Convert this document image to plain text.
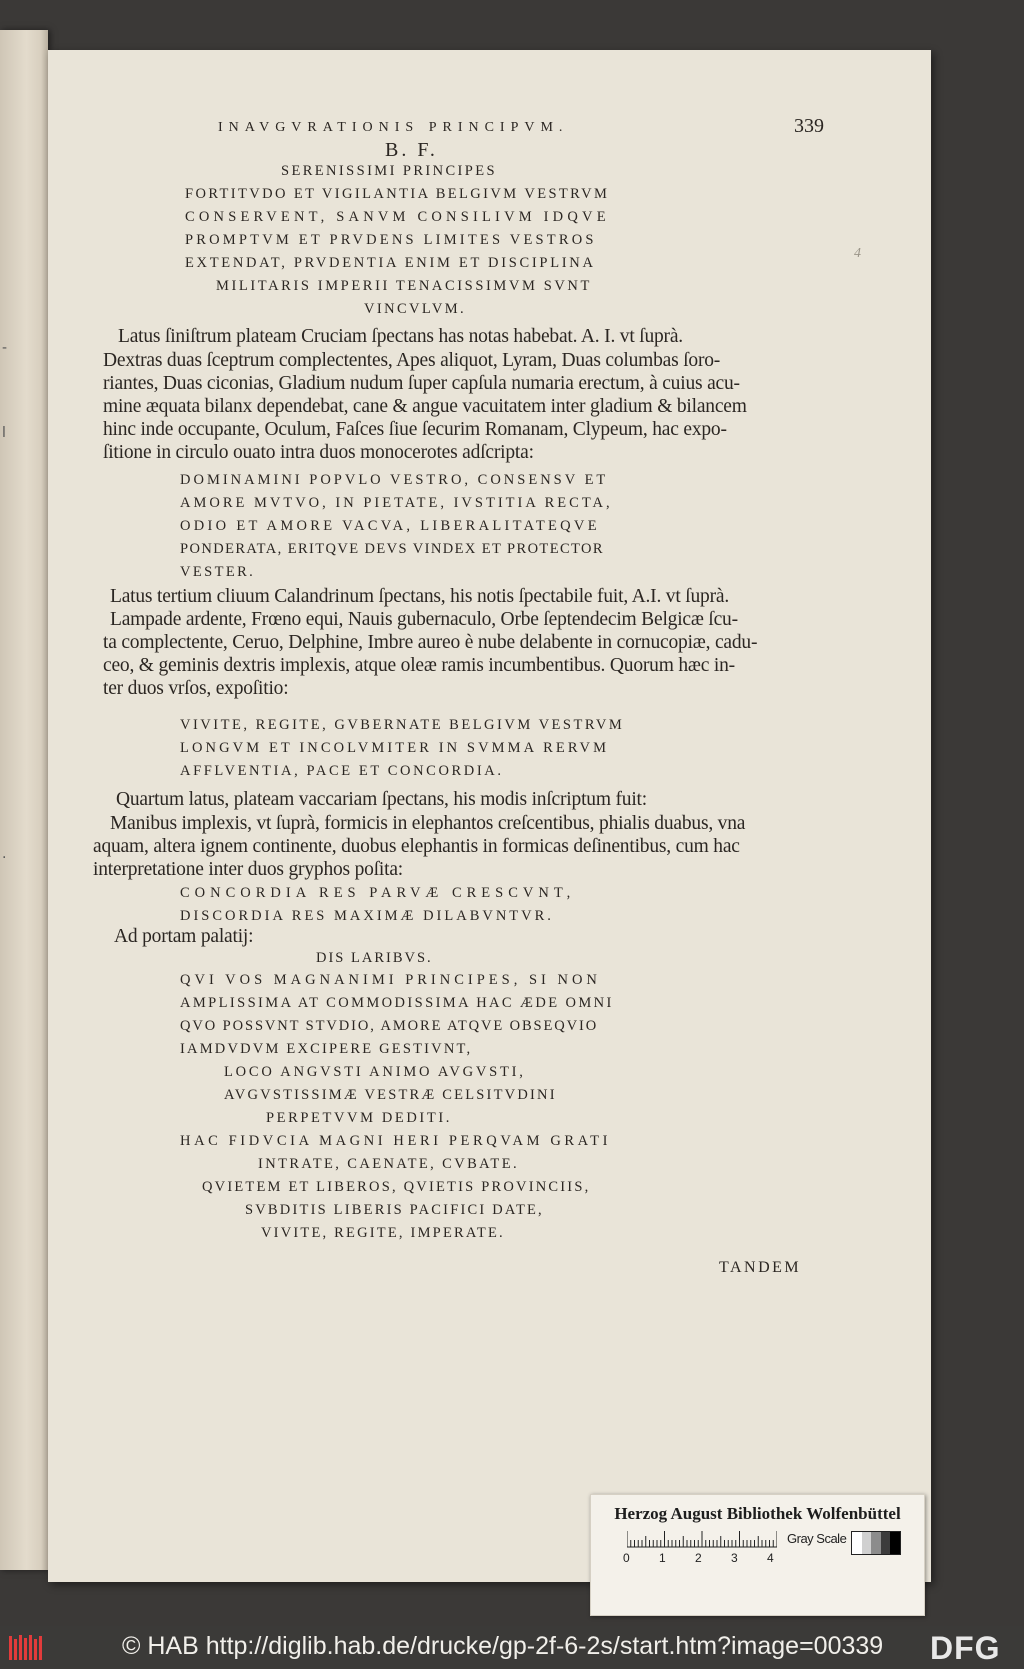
-
l
·
INAVGVRATIONIS PRINCIPVM.	339
B. F.
4
SERENISSIMI PRINCIPES
FORTITVDO ET VIGILANTIA BELGIVM VESTRVM
CONSERVENT, SANVM CONSILIVM IDQVE
PROMPTVM ET PRVDENS LIMITES VESTROS
EXTENDAT, PRVDENTIA ENIM ET DISCIPLINA
MILITARIS IMPERII TENACISSIMVM SVNT
VINCVLVM.
Latus ſiniſtrum plateam Cruciam ſpectans has notas habebat. A. I. vt ſuprà.
Dextras duas ſceptrum complectentes, Apes aliquot, Lyram, Duas columbas ſoro-
riantes, Duas ciconias, Gladium nudum ſuper capſula numaria erectum, à cuius acu-
mine æquata bilanx dependebat, cane & angue vacuitatem inter gladium & bilancem
hinc inde occupante, Oculum, Faſces ſiue ſecurim Romanam, Clypeum, hac expo-
ſitione in circulo ouato intra duos monocerotes adſcripta:
DOMINAMINI POPVLO VESTRO, CONSENSV ET
AMORE MVTVO, IN PIETATE, IVSTITIA RECTA,
ODIO ET AMORE VACVA, LIBERALITATEQVE
PONDERATA, ERITQVE DEVS VINDEX ET PROTECTOR
VESTER.
Latus tertium cliuum Calandrinum ſpectans, his notis ſpectabile fuit, A.I. vt ſuprà.
Lampade ardente, Frœno equi, Nauis gubernaculo, Orbe ſeptendecim Belgicæ ſcu-
ta complectente, Ceruo, Delphine, Imbre aureo è nube delabente in cornucopiæ, cadu-
ceo, & geminis dextris implexis, atque oleæ ramis incumbentibus. Quorum hæc in-
ter duos vrſos, expoſitio:
VIVITE, REGITE, GVBERNATE BELGIVM VESTRVM
LONGVM ET INCOLVMITER IN SVMMA RERVM
AFFLVENTIA, PACE ET CONCORDIA.
Quartum latus, plateam vaccariam ſpectans, his modis inſcriptum fuit:
Manibus implexis, vt ſuprà, formicis in elephantos creſcentibus, phialis duabus, vna
aquam, altera ignem continente, duobus elephantis in formicas deſinentibus, cum hac
interpretatione inter duos gryphos poſita:
CONCORDIA RES PARVÆ CRESCVNT,
DISCORDIA RES MAXIMÆ DILABVNTVR.
Ad portam palatij:
DIS LARIBVS.
QVI VOS MAGNANIMI PRINCIPES, SI NON
AMPLISSIMA AT COMMODISSIMA HAC ÆDE OMNI
QVO POSSVNT STVDIO, AMORE ATQVE OBSEQVIO
IAMDVDVM EXCIPERE GESTIVNT,
LOCO ANGVSTI ANIMO AVGVSTI,
AVGVSTISSIMÆ VESTRÆ CELSITVDINI
PERPETVVM DEDITI.
HAC FIDVCIA MAGNI HERI PERQVAM GRATI
INTRATE, CAENATE, CVBATE.
QVIETEM ET LIBEROS, QVIETIS PROVINCIIS,
SVBDITIS LIBERIS PACIFICI DATE,
VIVITE, REGITE, IMPERATE.
TANDEM
Herzog August Bibliothek Wolfenbüttel
0 1 2 3 4
Gray Scale
© HAB http://diglib.hab.de/drucke/gp-2f-6-2s/start.htm?image=00339 DFG
